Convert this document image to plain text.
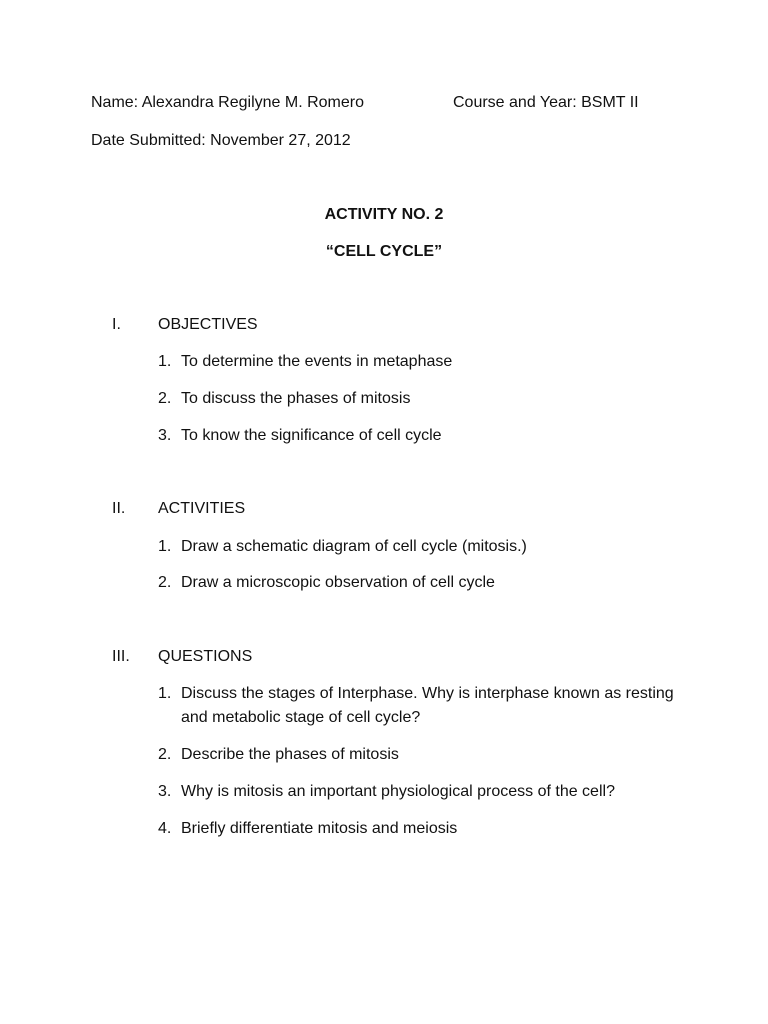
Name: Alexandra Regilyne M. Romero	Course and Year: BSMT II
Date Submitted: November 27, 2012
ACTIVITY NO. 2
“CELL CYCLE”
I. OBJECTIVES
1. To determine the events in metaphase
2. To discuss the phases of mitosis
3. To know the significance of cell cycle
II. ACTIVITIES
1. Draw a schematic diagram of cell cycle (mitosis.)
2. Draw a microscopic observation of cell cycle
III. QUESTIONS
1. Discuss the stages of Interphase. Why is interphase known as resting and metabolic stage of cell cycle?
2. Describe the phases of mitosis
3. Why is mitosis an important physiological process of the cell?
4. Briefly differentiate mitosis and meiosis
